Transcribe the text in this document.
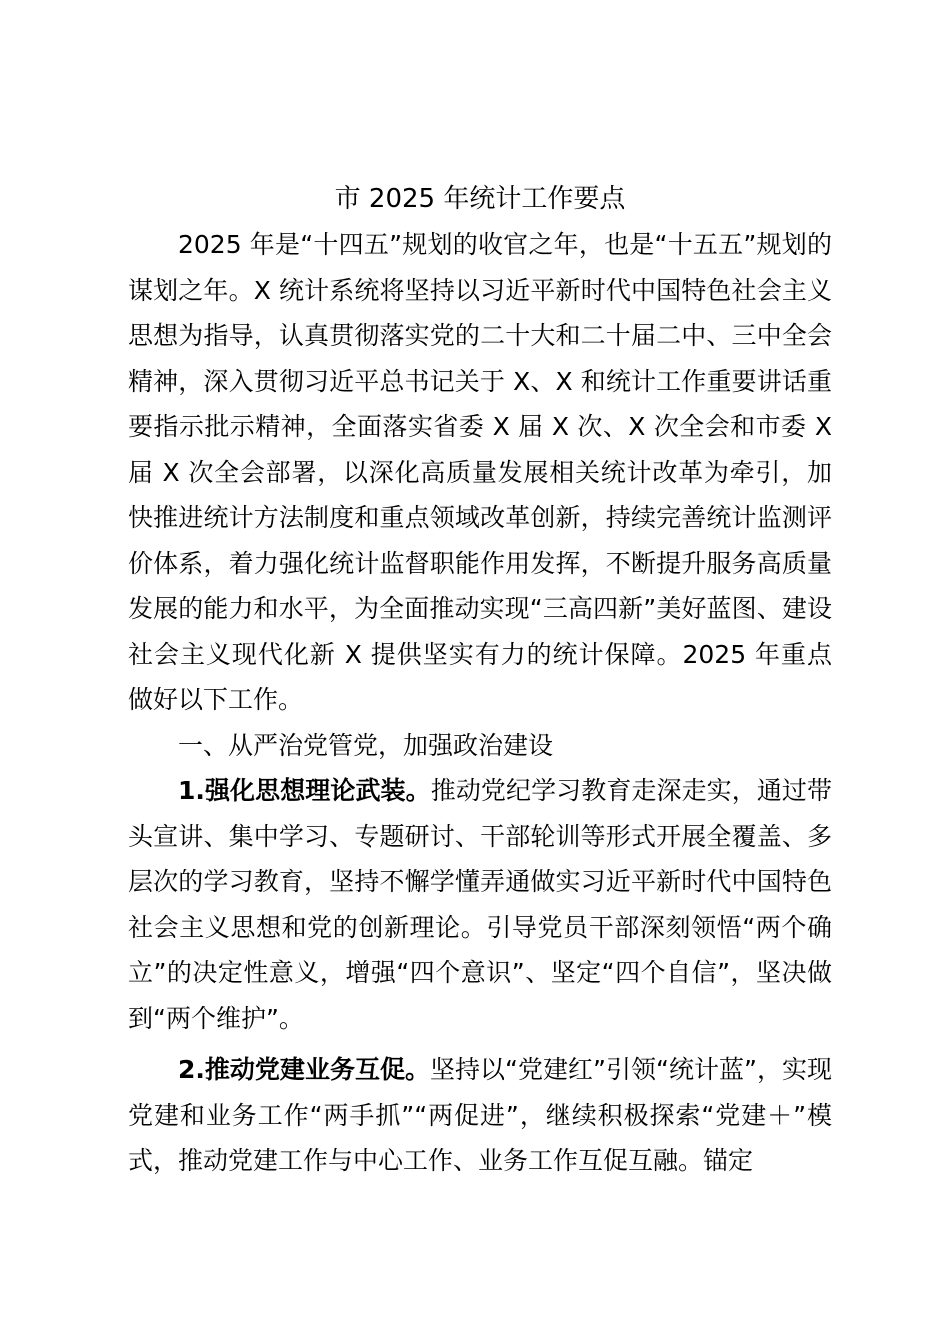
市 2025 年统计工作要点

2025 年是“十四五”规划的收官之年，也是“十五五”规划的谋划之年。X 统计系统将坚持以习近平新时代中国特色社会主义思想为指导，认真贯彻落实党的二十大和二十届二中、三中全会精神，深入贯彻习近平总书记关于 X、X 和统计工作重要讲话重要指示批示精神，全面落实省委 X 届 X 次、X 次全会和市委 X 届 X 次全会部署，以深化高质量发展相关统计改革为牵引，加快推进统计方法制度和重点领域改革创新，持续完善统计监测评价体系，着力强化统计监督职能作用发挥，不断提升服务高质量发展的能力和水平，为全面推动实现“三高四新”美好蓝图、建设社会主义现代化新 X 提供坚实有力的统计保障。2025 年重点做好以下工作。

一、从严治党管党，加强政治建设

1.强化思想理论武装。推动党纪学习教育走深走实，通过带头宣讲、集中学习、专题研讨、干部轮训等形式开展全覆盖、多层次的学习教育，坚持不懈学懂弄通做实习近平新时代中国特色社会主义思想和党的创新理论。引导党员干部深刻领悟“两个确立”的决定性意义，增强“四个意识”、坚定“四个自信”，坚决做到“两个维护”。

2.推动党建业务互促。坚持以“党建红”引领“统计蓝”，实现党建和业务工作“两手抓”“两促进”，继续积极探索“党建＋”模式，推动党建工作与中心工作、业务工作互促互融。锚定
